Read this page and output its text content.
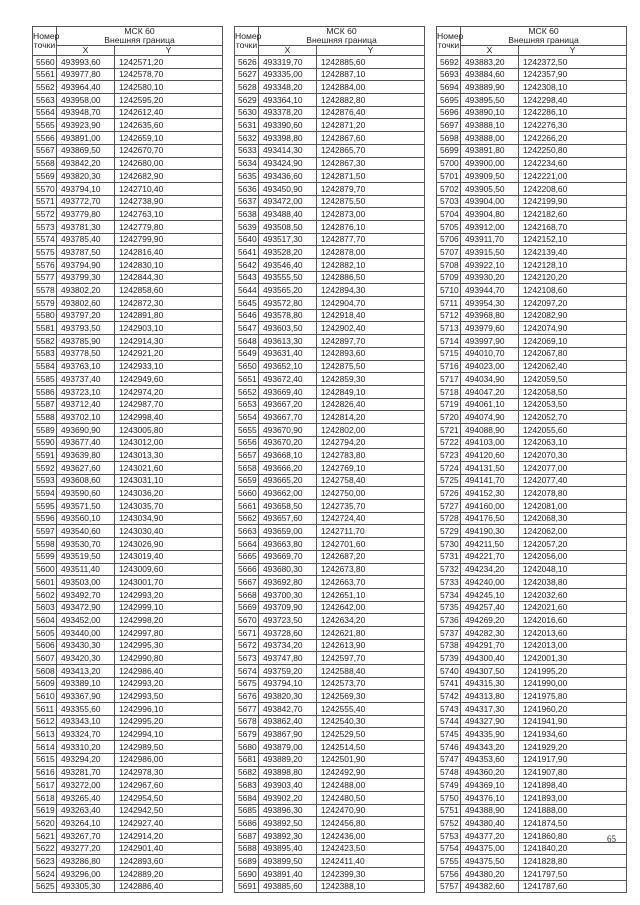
Номер
точки	МСК 60
Внешняя граница	

	X	Y
5560	493993,60	1242571,20
5561	493977,80	1242578,70
5562	493964,40	1242580,10
5563	493958,00	1242595,20
5564	493948,70	1242612,40
5565	493923,90	1242635,60
5566	493891,00	1242659,10
5567	493869,50	1242670,70
5568	493842,20	1242680,00
5569	493820,30	1242682,90
5570	493794,10	1242710,40
5571	493772,70	1242738,90
5572	493779,80	1242763,10
5573	493781,30	1242779,80
5574	493785,40	1242799,90
5575	493787,50	1242816,40
5576	493794,90	1242830,10
5577	493799,30	1242844,30
5578	493802,20	1242858,60
5579	493802,60	1242872,30
5580	493797,20	1242891,80
5581	493793,50	1242903,10
5582	493785,90	1242914,30
5583	493778,50	1242921,20
5584	493763,10	1242933,10
5585	493737,40	1242949,60
5586	493723,10	1242974,20
5587	493712,40	1242987,70
5588	493702,10	1242998,40
5589	493690,90	1243005,80
5590	493677,40	1243012,00
5591	493639,80	1243013,30
5592	493627,60	1243021,60
5593	493608,60	1243031,10
5594	493590,60	1243036,20
5595	493571,50	1243035,70
5596	493560,10	1243034,90
5597	493540,60	1243030,40
5598	493530,70	1243026,90
5599	493519,50	1243019,40
5600	493511,40	1243009,60
5601	493503,00	1243001,70
5602	493492,70	1242993,20
5603	493472,90	1242999,10
5604	493452,00	1242998,20
5605	493440,00	1242997,80
5606	493430,30	1242995,30
5607	493420,30	1242990,80
5608	493413,20	1242986,40
5609	493389,10	1242993,20
5610	493367,90	1242993,50
5611	493355,60	1242996,10
5612	493343,10	1242995,20
5613	493324,70	1242994,10
5614	493310,20	1242989,50
5615	493294,20	1242986,00
5616	493281,70	1242978,30
5617	493272,00	1242967,60
5618	493265,40	1242954,50
5619	493263,40	1242942,50
5620	493264,10	1242927,40
5621	493267,70	1242914,20
5622	493277,20	1242901,40
5623	493286,80	1242893,60
5624	493296,00	1242889,20
5625	493305,30	1242886,40
Номер
точки	МСК 60
Внешняя граница	

	X	Y
5626	493319,70	1242885,60
5627	493335,00	1242887,10
5628	493348,20	1242884,00
5629	493364,10	1242882,80
5630	493378,20	1242876,40
5631	493390,60	1242871,20
5632	493398,80	1242867,60
5633	493414,30	1242865,70
5634	493424,90	1242867,30
5635	493436,60	1242871,50
5636	493450,90	1242879,70
5637	493472,00	1242875,50
5638	493488,40	1242873,00
5639	493508,50	1242876,10
5640	493517,30	1242877,70
5641	493528,20	1242878,00
5642	493546,40	1242882,10
5643	493555,50	1242886,50
5644	493565,20	1242894,30
5645	493572,80	1242904,70
5646	493578,80	1242918,40
5647	493603,50	1242902,40
5648	493613,30	1242897,70
5649	493631,40	1242893,60
5650	493652,10	1242875,50
5651	493672,40	1242859,30
5652	493669,40	1242849,10
5653	493667,20	1242826,40
5654	493667,70	1242814,20
5655	493670,90	1242802,00
5656	493670,20	1242794,20
5657	493668,10	1242783,80
5658	493666,20	1242769,10
5659	493665,20	1242758,40
5660	493662,00	1242750,00
5661	493658,50	1242735,70
5662	493657,60	1242724,40
5663	493659,00	1242711,70
5664	493663,80	1242701,60
5665	493669,70	1242687,20
5666	493680,30	1242673,80
5667	493692,80	1242663,70
5668	493700,30	1242651,10
5669	493709,90	1242642,00
5670	493723,50	1242634,20
5671	493728,60	1242621,80
5672	493734,20	1242613,90
5673	493747,80	1242597,70
5674	493759,20	1242588,40
5675	493794,10	1242573,70
5676	493820,30	1242569,30
5677	493842,70	1242555,40
5678	493862,40	1242540,30
5679	493867,90	1242529,50
5680	493879,00	1242514,50
5681	493889,20	1242501,90
5682	493898,80	1242492,90
5683	493903,40	1242488,00
5684	493902,20	1242480,50
5685	493896,30	1242470,90
5686	493892,50	1242456,80
5687	493892,30	1242436,00
5688	493895,40	1242423,50
5689	493899,50	1242411,40
5690	493891,40	1242399,30
5691	493885,60	1242388,10
Номер
точки	МСК 60
Внешняя граница	

	X	Y
5692	493883,20	1242372,50
5693	493884,60	1242357,90
5694	493889,90	1242308,10
5695	493895,50	1242298,40
5696	493890,10	1242286,10
5697	493888,10	1242276,30
5698	493888,00	1242266,20
5699	493891,80	1242250,80
5700	493900,00	1242234,60
5701	493909,50	1242221,00
5702	493905,50	1242208,60
5703	493904,00	1242199,90
5704	493904,80	1242182,60
5705	493912,00	1242168,70
5706	493911,70	1242152,10
5707	493915,50	1242139,40
5708	493922,10	1242128,10
5709	493930,20	1242120,20
5710	493944,70	1242108,60
5711	493954,30	1242097,20
5712	493968,80	1242082,90
5713	493979,60	1242074,90
5714	493997,90	1242069,10
5715	494010,70	1242067,80
5716	494023,00	1242062,40
5717	494034,90	1242059,50
5718	494047,20	1242058,50
5719	494061,10	1242053,50
5720	494074,90	1242052,70
5721	494088,90	1242055,60
5722	494103,00	1242063,10
5723	494120,60	1242070,30
5724	494131,50	1242077,00
5725	494141,70	1242077,40
5726	494152,30	1242078,80
5727	494160,00	1242081,00
5728	494176,50	1242068,30
5729	494190,30	1242062,00
5730	494211,50	1242057,20
5731	494221,70	1242056,00
5732	494234,20	1242048,10
5733	494240,00	1242038,80
5734	494245,10	1242032,60
5735	494257,40	1242021,60
5736	494269,20	1242016,60
5737	494282,30	1242013,60
5738	494291,70	1242013,00
5739	494300,40	1242001,30
5740	494307,50	1241995,20
5741	494315,30	1241990,00
5742	494313,80	1241975,80
5743	494317,30	1241960,20
5744	494327,90	1241941,90
5745	494335,90	1241934,60
5746	494343,20	1241929,20
5747	494353,60	1241917,90
5748	494360,20	1241907,80
5749	494369,10	1241898,40
5750	494376,10	1241893,00
5751	494388,90	1241888,00
5752	494380,40	1241874,50
5753	494377,20	1241860,80
5754	494375,00	1241840,20
5755	494375,50	1241828,80
5756	494380,20	1241797,50
5757	494382,60	1241787,60
65
